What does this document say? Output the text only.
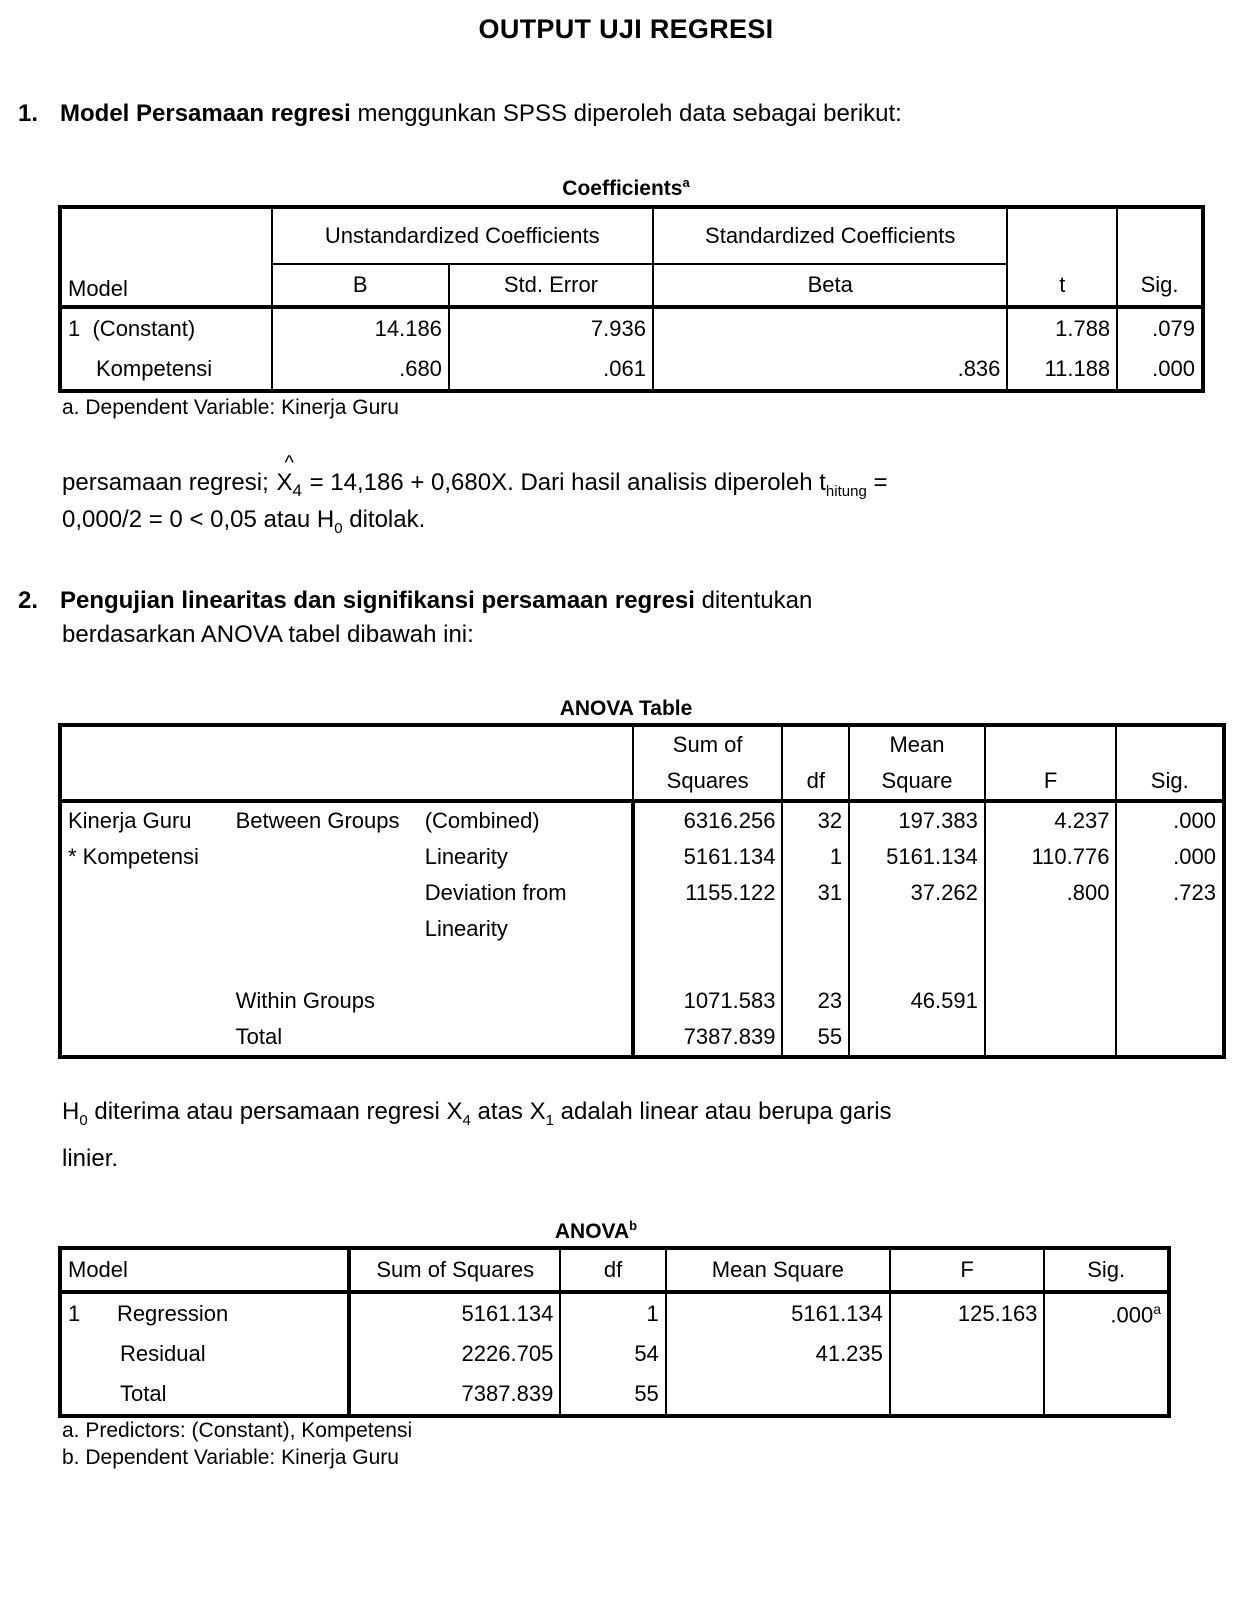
OUTPUT UJI REGRESI
1. Model Persamaan regresi menggunkan SPSS diperoleh data sebagai berikut:
Coefficients$^a$
Model	Unstandardized Coefficients		Standardized Coefficients		
	B	Std. Error	Beta	t	Sig.
1 (Constant)	14.186	7.936		1.788	.079
Kompetensi	.680	.061	.836	11.188	.000
a. Dependent Variable: Kinerja Guru
persamaan regresi;
^
$X_4 = 14,186 + 0,680X$. Dari hasil analisis diperoleh $t_{hitung}$ =
0,000/2 = 0 < 0,05 atau $H_0$ ditolak.
2. Pengujian linearitas dan signifikansi persamaan regresi ditentukan
berdasarkan ANOVA tabel dibawah ini:
ANOVA Table
			Sum of		Mean		
			Squares	df	Square	F	Sig.
Kinerja Guru	Between Groups	(Combined)	6316.256	32	197.383	4.237	.000
* Kompetensi		Linearity	5161.134	1	5161.134	110.776	.000
		Deviation from	1155.122	31	37.262	.800	.723
		Linearity					

	Within Groups		1071.583	23	46.591		
	Total		7387.839	55			
$H_0$ diterima atau persamaan regresi $X_4$ atas $X_1$ adalah linear atau berupa garis
linier.
ANOVA$^b$
Model	Sum of Squares	df	Mean Square	F	Sig.
1 Regression	5161.134	1	5161.134	125.163	.000$^a$
Residual	2226.705	54	41.235		
Total	7387.839	55			
a. Predictors: (Constant), Kompetensi
b. Dependent Variable: Kinerja Guru
